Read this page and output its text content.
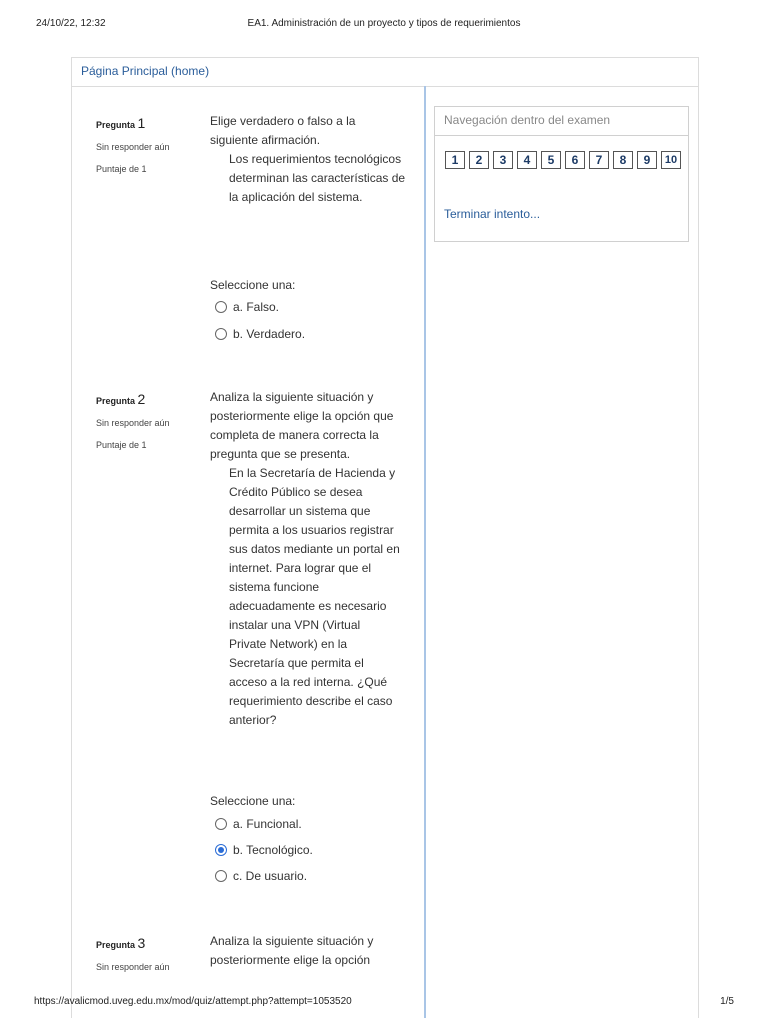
24/10/22, 12:32	EA1. Administración de un proyecto y tipos de requerimientos
Página Principal (home)
Pregunta 1
Sin responder aún
Puntaje de 1
Elige verdadero o falso a la siguiente afirmación.
Los requerimientos tecnológicos determinan las características de la aplicación del sistema.
Seleccione una:
a. Falso.
b. Verdadero.
Pregunta 2
Sin responder aún
Puntaje de 1
Analiza la siguiente situación y posteriormente elige la opción que completa de manera correcta la pregunta que se presenta.
En la Secretaría de Hacienda y Crédito Público se desea desarrollar un sistema que permita a los usuarios registrar sus datos mediante un portal en internet. Para lograr que el sistema funcione adecuadamente es necesario instalar una VPN (Virtual Private Network) en la Secretaría que permita el acceso a la red interna. ¿Qué requerimiento describe el caso anterior?
Seleccione una:
a. Funcional.
b. Tecnológico.
c. De usuario.
Pregunta 3
Sin responder aún
Analiza la siguiente situación y posteriormente elige la opción
Navegación dentro del examen
1 2 3 4 5 6 7 8 9 10
Terminar intento...
https://avalicmod.uveg.edu.mx/mod/quiz/attempt.php?attempt=1053520	1/5
